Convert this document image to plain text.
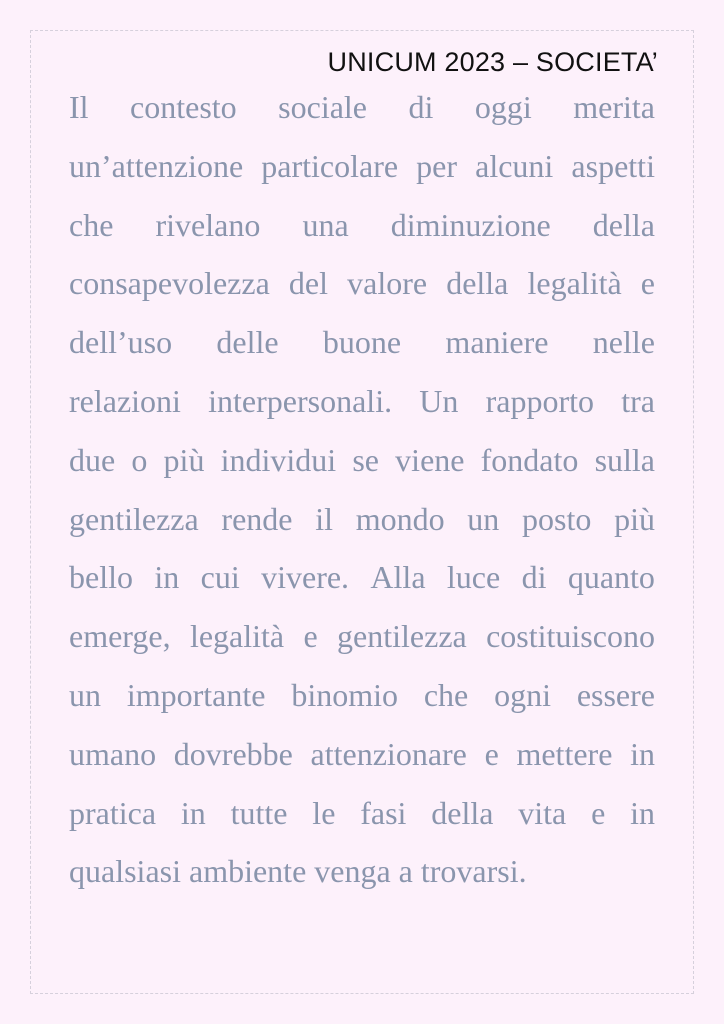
UNICUM 2023 – SOCIETA’
Il contesto sociale di oggi merita
un’attenzione particolare per alcuni aspetti
che rivelano una diminuzione della
consapevolezza del valore della legalità e
dell’uso delle buone maniere nelle
relazioni interpersonali. Un rapporto tra
due o più individui se viene fondato sulla
gentilezza rende il mondo un posto più
bello in cui vivere. Alla luce di quanto
emerge, legalità e gentilezza costituiscono
un importante binomio che ogni essere
umano dovrebbe attenzionare e mettere in
pratica in tutte le fasi della vita e in
qualsiasi ambiente venga a trovarsi.
